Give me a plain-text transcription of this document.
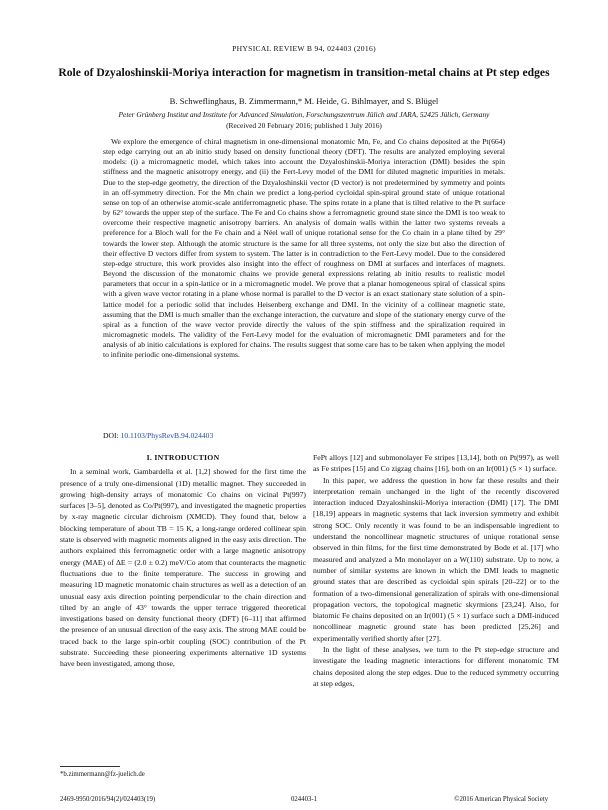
PHYSICAL REVIEW B 94, 024403 (2016)
Role of Dzyaloshinskii-Moriya interaction for magnetism in transition-metal chains at Pt step edges
B. Schweflinghaus, B. Zimmermann,* M. Heide, G. Bihlmayer, and S. Blügel
Peter Grünberg Institut and Institute for Advanced Simulation, Forschungszentrum Jülich and JARA, 52425 Jülich, Germany
(Received 20 February 2016; published 1 July 2016)
We explore the emergence of chiral magnetism in one-dimensional monatomic Mn, Fe, and Co chains deposited at the Pt(664) step edge carrying out an ab initio study based on density functional theory (DFT). The results are analyzed employing several models: (i) a micromagnetic model, which takes into account the Dzyaloshinskii-Moriya interaction (DMI) besides the spin stiffness and the magnetic anisotropy energy, and (ii) the Fert-Levy model of the DMI for diluted magnetic impurities in metals. Due to the step-edge geometry, the direction of the Dzyaloshinskii vector (D vector) is not predetermined by symmetry and points in an off-symmetry direction. For the Mn chain we predict a long-period cycloidal spin-spiral ground state of unique rotational sense on top of an otherwise atomic-scale antiferromagnetic phase. The spins rotate in a plane that is tilted relative to the Pt surface by 62° towards the upper step of the surface. The Fe and Co chains show a ferromagnetic ground state since the DMI is too weak to overcome their respective magnetic anisotropy barriers. An analysis of domain walls within the latter two systems reveals a preference for a Bloch wall for the Fe chain and a Néel wall of unique rotational sense for the Co chain in a plane tilted by 29° towards the lower step. Although the atomic structure is the same for all three systems, not only the size but also the direction of their effective D vectors differ from system to system. The latter is in contradiction to the Fert-Levy model. Due to the considered step-edge structure, this work provides also insight into the effect of roughness on DMI at surfaces and interfaces of magnets. Beyond the discussion of the monatomic chains we provide general expressions relating ab initio results to realistic model parameters that occur in a spin-lattice or in a micromagnetic model. We prove that a planar homogeneous spiral of classical spins with a given wave vector rotating in a plane whose normal is parallel to the D vector is an exact stationary state solution of a spin-lattice model for a periodic solid that includes Heisenberg exchange and DMI. In the vicinity of a collinear magnetic state, assuming that the DMI is much smaller than the exchange interaction, the curvature and slope of the stationary energy curve of the spiral as a function of the wave vector provide directly the values of the spin stiffness and the spiralization required in micromagnetic models. The validity of the Fert-Levy model for the evaluation of micromagnetic DMI parameters and for the analysis of ab initio calculations is explored for chains. The results suggest that some care has to be taken when applying the model to infinite periodic one-dimensional systems.
DOI: 10.1103/PhysRevB.94.024403
I. INTRODUCTION

In a seminal work, Gambardella et al. [1,2] showed for the first time the presence of a truly one-dimensional (1D) metallic magnet. They succeeded in growing high-density arrays of monatomic Co chains on vicinal Pt(997) surfaces [3–5], denoted as Co/Pt(997), and investigated the magnetic properties by x-ray magnetic circular dichroism (XMCD). They found that, below a blocking temperature of about TB = 15 K, a long-range ordered collinear spin state is observed with magnetic moments aligned in the easy axis direction. The authors explained this ferromagnetic order with a large magnetic anisotropy energy (MAE) of ΔE = (2.0 ± 0.2) meV/Co atom that counteracts the magnetic fluctuations due to the finite temperature. The success in growing and measuring 1D magnetic monatomic chain structures as well as a detection of an unusual easy axis direction pointing perpendicular to the chain direction and tilted by an angle of 43° towards the upper terrace triggered theoretical investigations based on density functional theory (DFT) [6–11] that affirmed the presence of an unusual direction of the easy axis. The strong MAE could be traced back to the large spin-orbit coupling (SOC) contribution of the Pt substrate. Succeeding these pioneering experiments alternative 1D systems have been investigated, among those,

FePt alloys [12] and submonolayer Fe stripes [13,14], both on Pt(997), as well as Fe stripes [15] and Co zigzag chains [16], both on an Ir(001) (5 × 1) surface.

In this paper, we address the question in how far these results and their interpretation remain unchanged in the light of the recently discovered interaction induced Dzyaloshinskii-Moriya interaction (DMI) [17]. The DMI [18,19] appears in magnetic systems that lack inversion symmetry and exhibit strong SOC. Only recently it was found to be an indispensable ingredient to understand the noncollinear magnetic structures of unique rotational sense observed in thin films, for the first time demonstrated by Bode et al. [17] who measured and analyzed a Mn monolayer on a W(110) substrate. Up to now, a number of similar systems are known in which the DMI leads to magnetic ground states that are described as cycloidal spin spirals [20–22] or to the formation of a two-dimensional generalization of spirals with one-dimensional propagation vectors, the topological magnetic skyrmions [23,24]. Also, for biatomic Fe chains deposited on an Ir(001) (5 × 1) surface such a DMI-induced noncollinear magnetic ground state has been predicted [25,26] and experimentally verified shortly after [27].

In the light of these analyses, we turn to the Pt step-edge structure and investigate the leading magnetic interactions for different monatomic TM chains deposited along the step edges. Due to the reduced symmetry occurring at step edges,

*b.zimmermann@fz-juelich.de
2469-9950/2016/94(2)/024403(19)	024403-1	©2016 American Physical Society
